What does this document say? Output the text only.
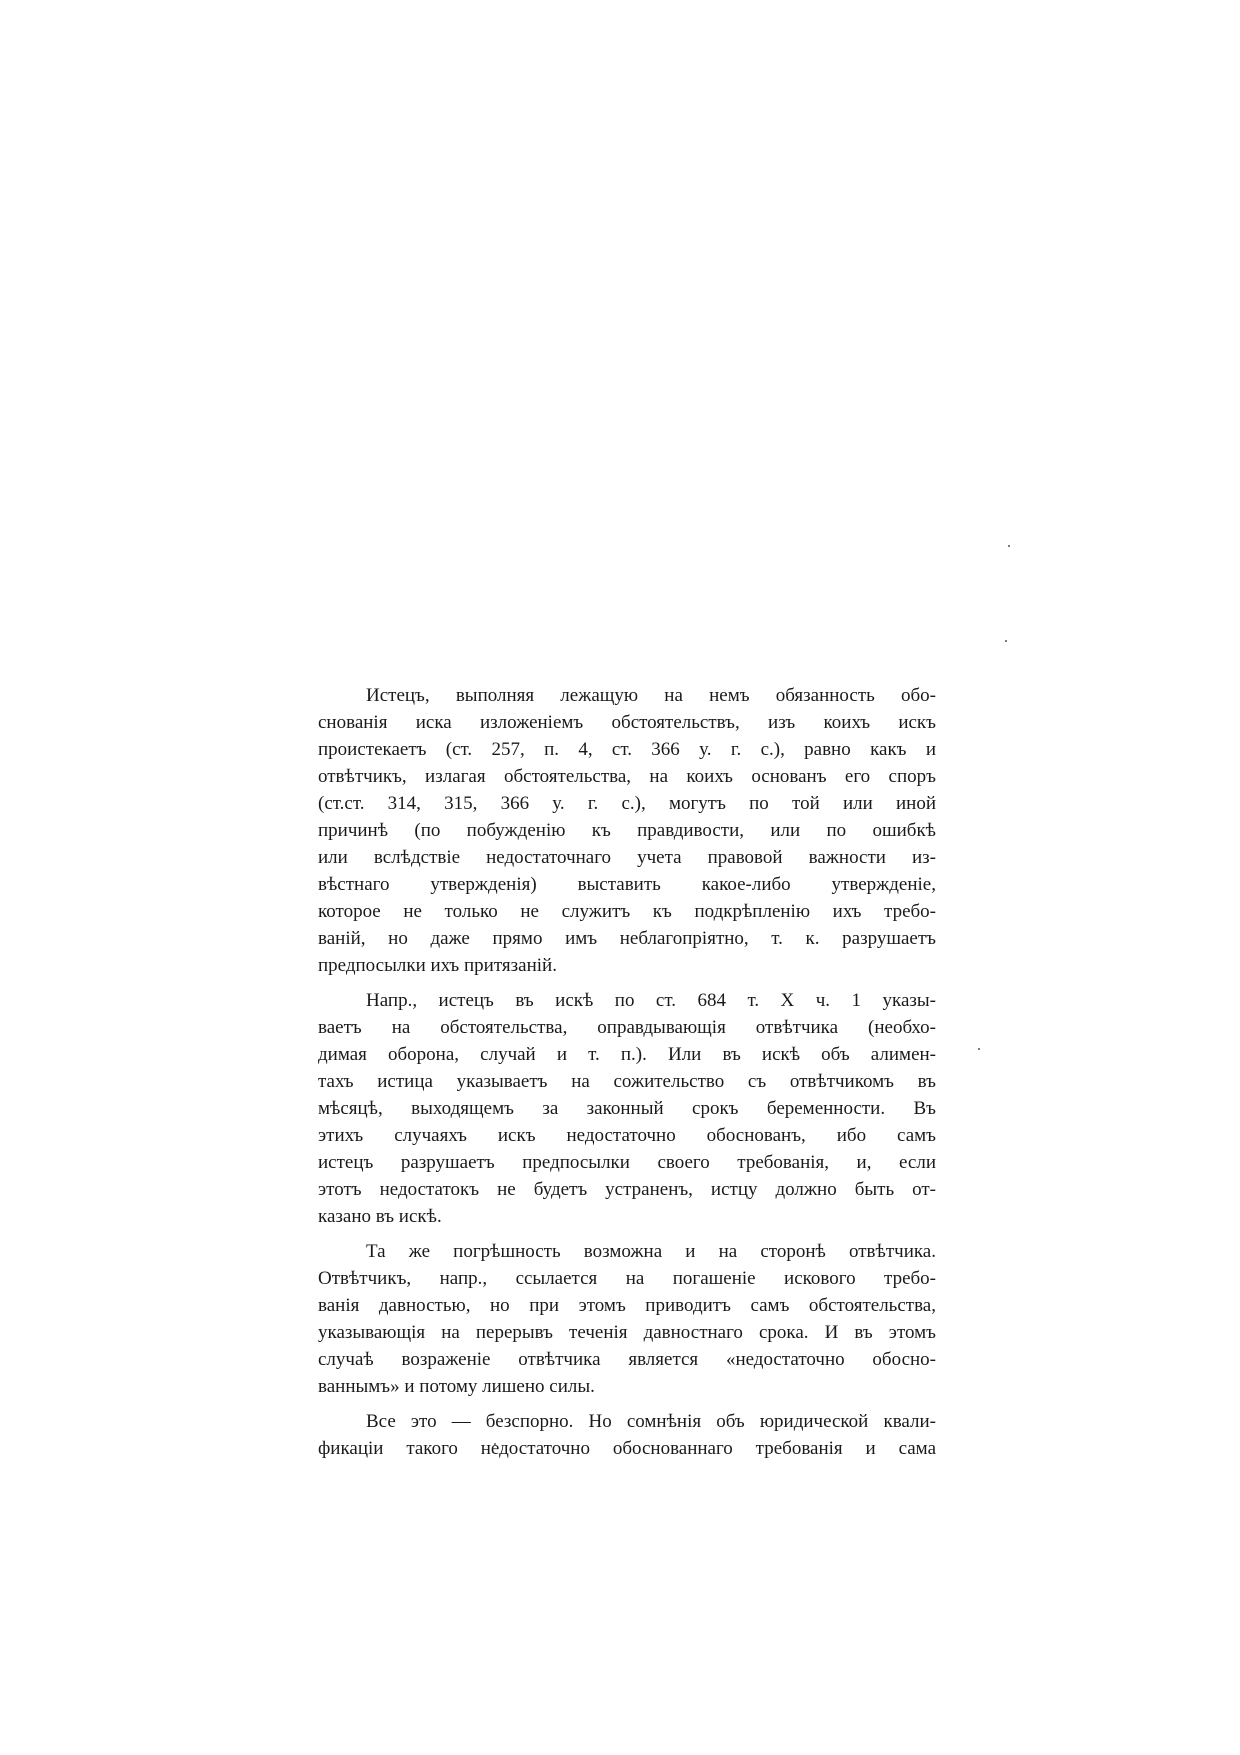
Истецъ, выполняя лежащую на немъ обязанность обо-
снованія иска изложеніемъ обстоятельствъ, изъ коихъ искъ
проистекаетъ (ст. 257, п. 4, ст. 366 у. г. с.), равно какъ и
отвѣтчикъ, излагая обстоятельства, на коихъ основанъ его споръ
(ст.ст. 314, 315, 366 у. г. с.), могутъ по той или иной
причинѣ (по побужденію къ правдивости, или по ошибкѣ
или вслѣдствіе недостаточнаго учета правовой важности из-
вѣстнаго утвержденія) выставить какое-либо утвержденіе,
которое не только не служитъ къ подкрѣпленію ихъ требо-
ваній, но даже прямо имъ неблагопріятно, т. к. разрушаетъ
предпосылки ихъ притязаній.
Напр., истецъ въ искѣ по ст. 684 т. X ч. 1 указы-
ваетъ на обстоятельства, оправдывающія отвѣтчика (необхо-
димая оборона, случай и т. п.). Или въ искѣ объ алимен-
тахъ истица указываетъ на сожительство съ отвѣтчикомъ въ
мѣсяцѣ, выходящемъ за законный срокъ беременности. Въ
этихъ случаяхъ искъ недостаточно обоснованъ, ибо самъ
истецъ разрушаетъ предпосылки своего требованія, и, если
этотъ недостатокъ не будетъ устраненъ, истцу должно быть от-
казано въ искѣ.
Та же погрѣшность возможна и на сторонѣ отвѣтчика.
Отвѣтчикъ, напр., ссылается на погашеніе искового требо-
ванія давностью, но при этомъ приводитъ самъ обстоятельства,
указывающія на перерывъ теченія давностнаго срока. И въ этомъ
случаѣ возраженіе отвѣтчика является «недостаточно обосно-
ваннымъ» и потому лишено силы.
Все это — безспорно. Но сомнѣнія объ юридической квали-
фикаціи такого недостаточно обоснованнаго требованія и сама
